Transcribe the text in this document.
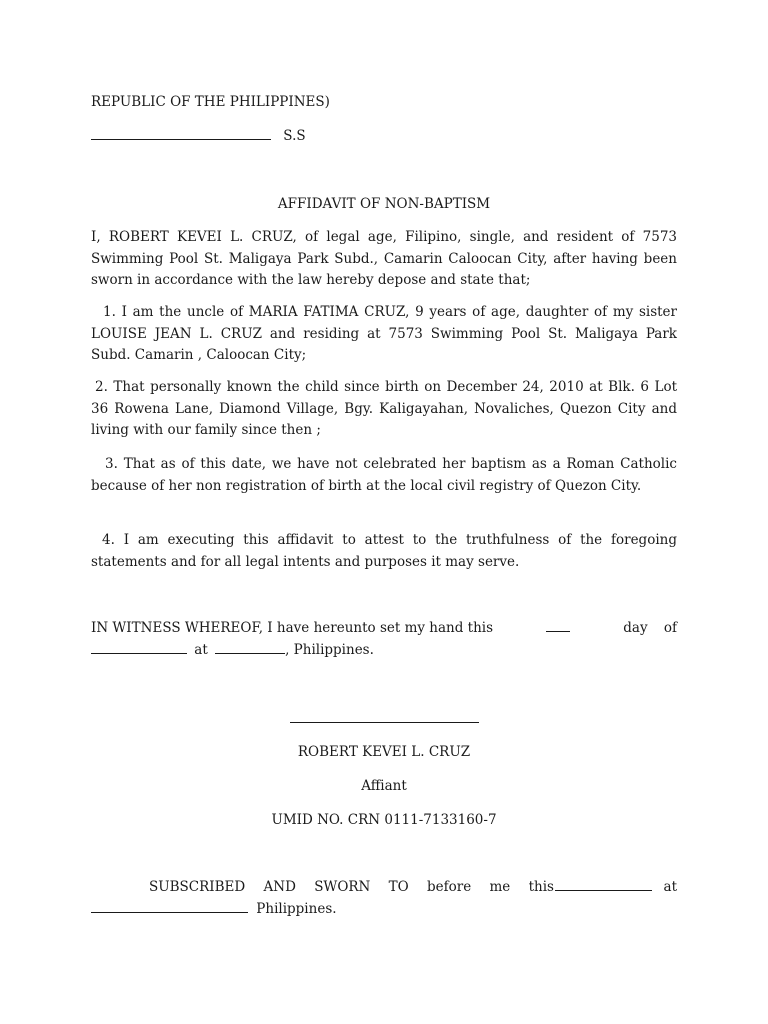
REPUBLIC OF THE PHILIPPINES)
S.S
AFFIDAVIT OF NON-BAPTISM
I, ROBERT KEVEI L. CRUZ, of legal age, Filipino, single, and resident of 7573 Swimming Pool St. Maligaya Park Subd., Camarin Caloocan City, after having been sworn in accordance with the law hereby depose and state that;
1. I am the uncle of MARIA FATIMA CRUZ, 9 years of age, daughter of my sister LOUISE JEAN L. CRUZ and residing at 7573 Swimming Pool St. Maligaya Park Subd. Camarin , Caloocan City;
2. That personally known the child since birth on December 24, 2010 at Blk. 6 Lot 36 Rowena Lane, Diamond Village, Bgy. Kaligayahan, Novaliches, Quezon City and living with our family since then ;
3. That as of this date, we have not celebrated her baptism as a Roman Catholic because of her non registration of birth at the local civil registry of Quezon City.
4. I am executing this affidavit to attest to the truthfulness of the foregoing statements and for all legal intents and purposes it may serve.
IN WITNESS WHEREOF, I have hereunto set my hand this	day of
at	, Philippines.
ROBERT KEVEI L. CRUZ
Affiant
UMID NO. CRN 0111-7133160-7
SUBSCRIBED AND SWORN TO before me this	at
Philippines.
